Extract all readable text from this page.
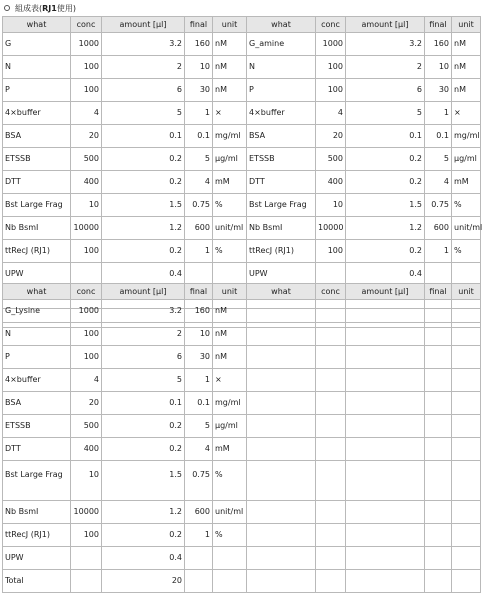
組成表( RJ1 使用)
what	conc	amount [µl]	final	unit		what	conc	amount [µl]	final	unit
G	1000	3.2	160	nM		G_amine	1000	3.2	160	nM
N	100	2	10	nM		N	100	2	10	nM
P	100	6	30	nM		P	100	6	30	nM
4×buffer	4	5	1	×		4×buffer	4	5	1	×
BSA	20	0.1	0.1	mg/ml		BSA	20	0.1	0.1	mg/ml
ETSSB	500	0.2	5	µg/ml		ETSSB	500	0.2	5	µg/ml
DTT	400	0.2	4	mM		DTT	400	0.2	4	mM
Bst Large Frag	10	1.5	0.75	%		Bst Large Frag	10	1.5	0.75	%
Nb BsmI	10000	1.2	600	unit/ml		Nb BsmI	10000	1.2	600	unit/ml
ttRecJ (RJ1)	100	0.2	1	%		ttRecJ (RJ1)	100	0.2	1	%
UPW		0.4				UPW		0.4		

what	conc	amount [µl]	final	unit		what	conc	amount [µl]	final	unit
G_Lysine	1000	3.2	160	nM						
N	100	2	10	nM						
P	100	6	30	nM						
4×buffer	4	5	1	×						
BSA	20	0.1	0.1	mg/ml						
ETSSB	500	0.2	5	µg/ml						
DTT	400	0.2	4	mM						
Bst Large Frag	10	1.5	0.75	%						
Nb BsmI	10000	1.2	600	unit/ml						
ttRecJ (RJ1)	100	0.2	1	%						
UPW		0.4								
Total		20								
